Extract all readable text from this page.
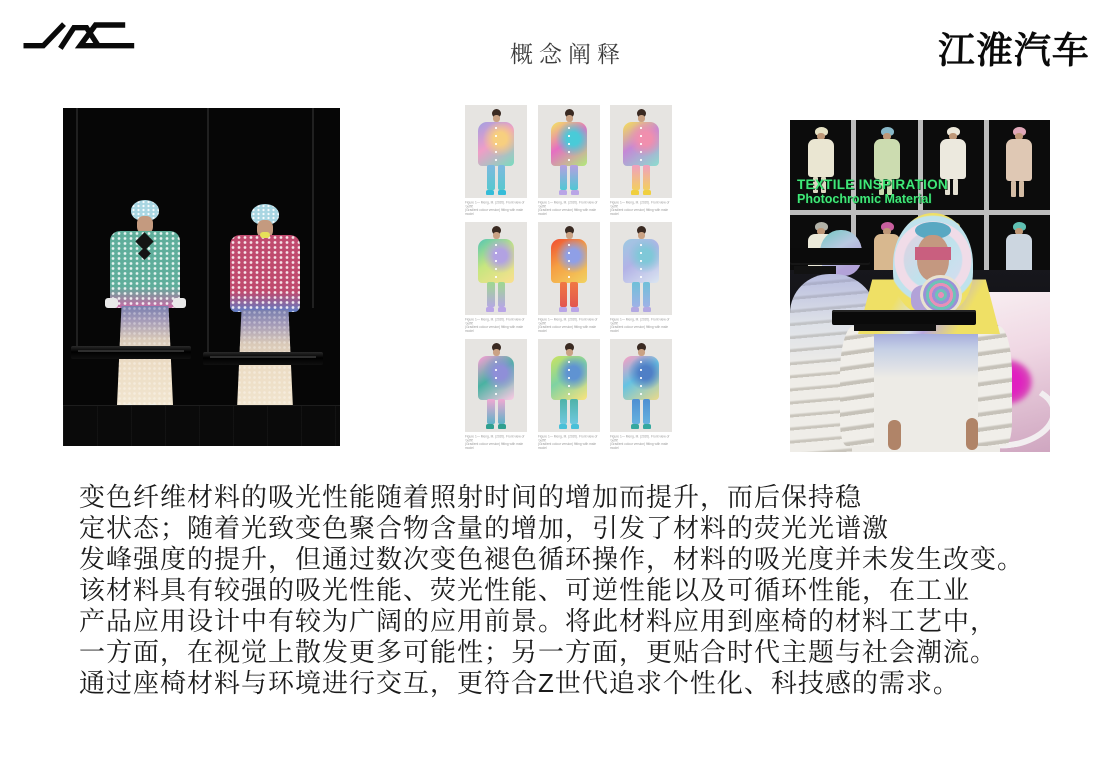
概念阐释	江淮汽车
Figure 1— Meng, M. (2020). Front view of 'outfit'
(Gradient colour version) fitting with male model
Figure 1— Meng, M. (2020). Front view of 'outfit'
(Gradient colour version) fitting with male model
Figure 1— Meng, M. (2020). Front view of 'outfit'
(Gradient colour version) fitting with male model
Figure 1— Meng, M. (2020). Front view of 'outfit'
(Gradient colour version) fitting with male model
Figure 1— Meng, M. (2020). Front view of 'outfit'
(Gradient colour version) fitting with male model
Figure 1— Meng, M. (2020). Front view of 'outfit'
(Gradient colour version) fitting with male model
Figure 1— Meng, M. (2020). Front view of 'outfit'
(Gradient colour version) fitting with male model
Figure 1— Meng, M. (2020). Front view of 'outfit'
(Gradient colour version) fitting with male model
Figure 1— Meng, M. (2020). Front view of 'outfit'
(Gradient colour version) fitting with male model
TEXTILE INSPIRATION
Photochromic Material
变色纤维材料的吸光性能随着照射时间的增加而提升，而后保持稳
定状态；随着光致变色聚合物含量的增加，引发了材料的荧光光谱激
发峰强度的提升，但通过数次变色褪色循环操作，材料的吸光度并未发生改变。
该材料具有较强的吸光性能、荧光性能、可逆性能以及可循环性能，在工业
产品应用设计中有较为广阔的应用前景。将此材料应用到座椅的材料工艺中，
一方面，在视觉上散发更多可能性；另一方面，更贴合时代主题与社会潮流。
通过座椅材料与环境进行交互，更符合Z世代追求个性化、科技感的需求。
